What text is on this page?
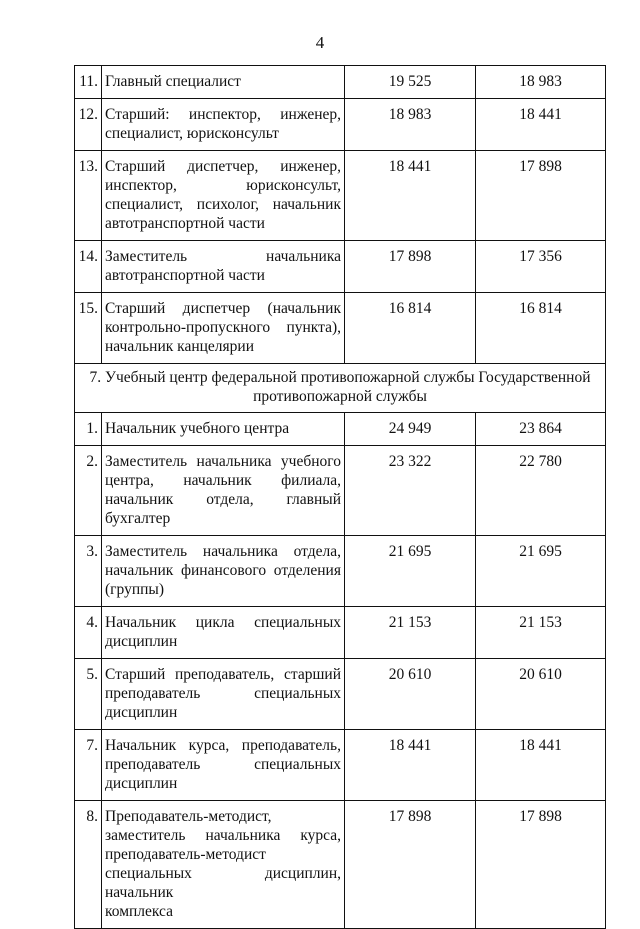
4
11.	Главный специалист	19 525	18 983
12.	Старший: инспектор, инженер,
специалист, юрисконсульт	18 983	18 441
13.	Старший диспетчер, инженер,
инспектор, юрисконсульт,
специалист, психолог, начальник
автотранспортной части	18 441	17 898
14.	Заместитель начальника
автотранспортной части	17 898	17 356
15.	Старший диспетчер (начальник
контрольно-пропускного пункта),
начальник канцелярии	16 814	16 814

7. Учебный центр федеральной противопожарной службы Государственной
противопожарной службы			

1.	Начальник учебного центра	24 949	23 864
2.	Заместитель начальника учебного
центра, начальник филиала,
начальник отдела, главный
бухгалтер	23 322	22 780
3.	Заместитель начальника отдела,
начальник финансового отделения
(группы)	21 695	21 695
4.	Начальник цикла специальных
дисциплин	21 153	21 153
5.	Старший преподаватель, старший
преподаватель специальных
дисциплин	20 610	20 610
7.	Начальник курса, преподаватель,
преподаватель специальных
дисциплин	18 441	18 441
8.	Преподаватель-методист,
заместитель начальника курса,
преподаватель-методист
специальных дисциплин, начальник
комплекса	17 898	17 898
